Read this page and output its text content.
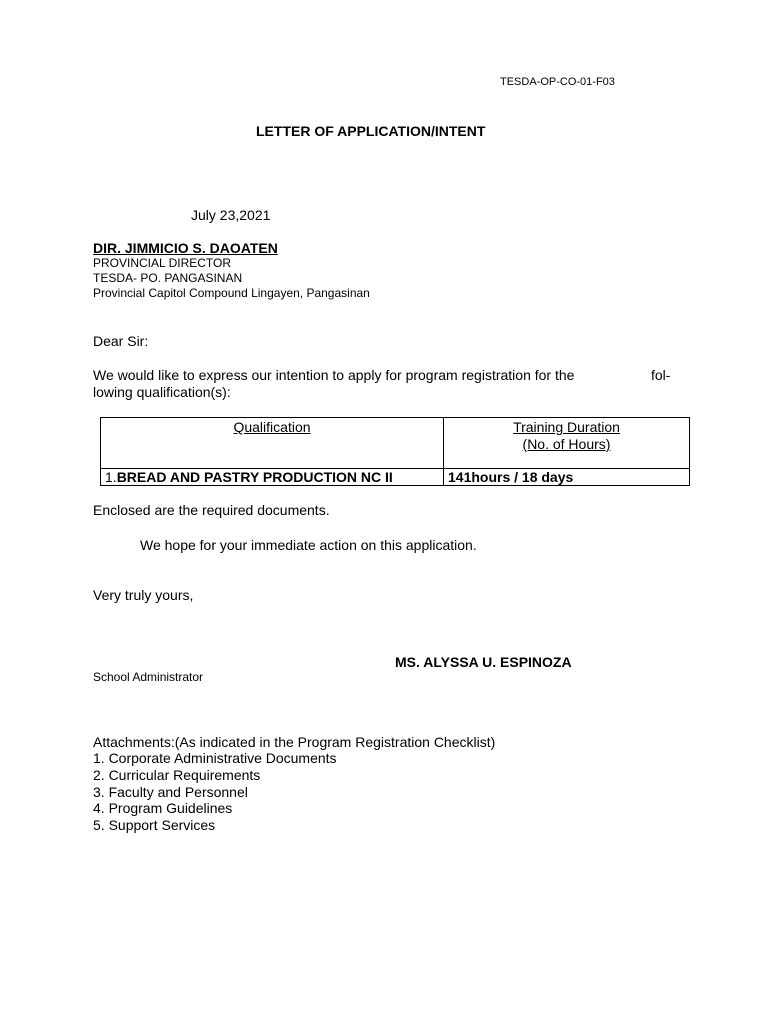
TESDA-OP-CO-01-F03
LETTER OF APPLICATION/INTENT
July 23,2021
DIR. JIMMICIO S. DAOATEN
PROVINCIAL DIRECTOR
TESDA- PO. PANGASINAN
Provincial Capitol Compound Lingayen, Pangasinan
Dear Sir:
We would like to express our intention to apply for program registration for the	fol-
lowing qualification(s):
Qualification	Training Duration
(No. of Hours)

1.BREAD AND PASTRY PRODUCTION NC II	141hours / 18 days
Enclosed are the required documents.
We hope for your immediate action on this application.
Very truly yours,
MS. ALYSSA U. ESPINOZA
School Administrator
Attachments:(As indicated in the Program Registration Checklist)
1. Corporate Administrative Documents
2. Curricular Requirements
3. Faculty and Personnel
4. Program Guidelines
5. Support Services
